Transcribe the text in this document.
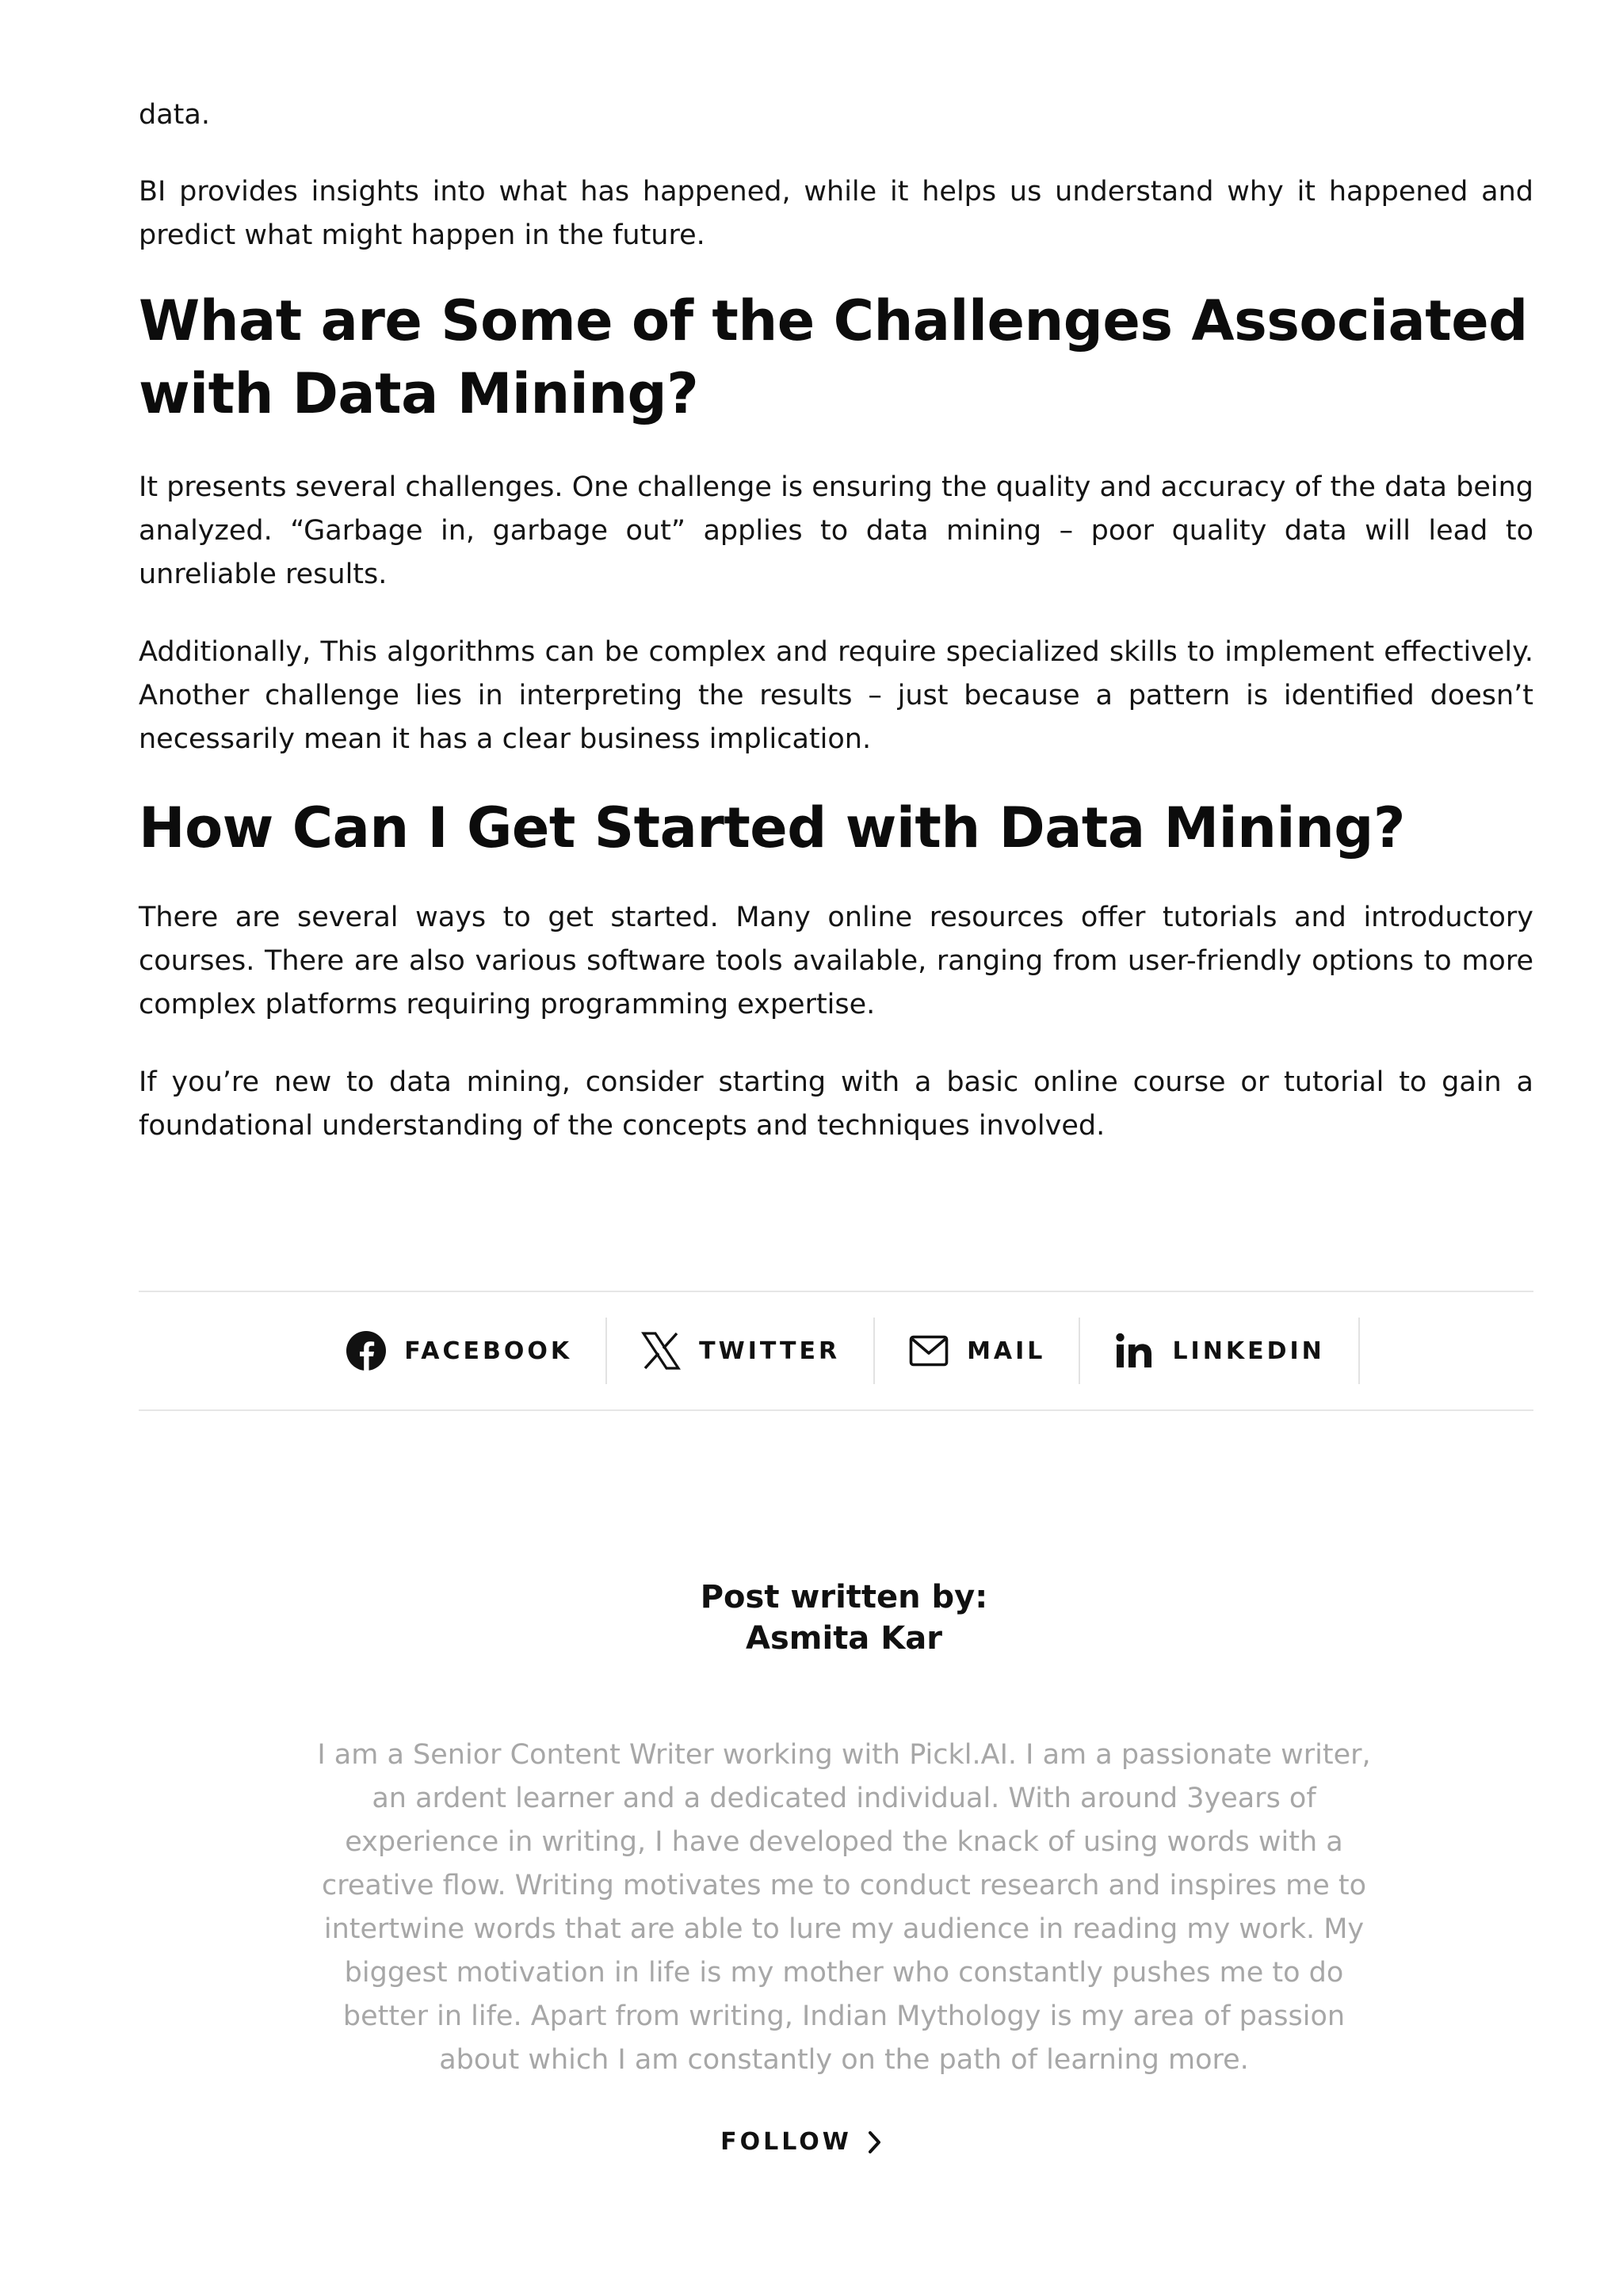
data.

BI provides insights into what has happened, while it helps us understand why it happened and predict what might happen in the future.

What are Some of the Challenges Associated with Data Mining?

It presents several challenges. One challenge is ensuring the quality and accuracy of the data being analyzed. “Garbage in, garbage out” applies to data mining – poor quality data will lead to unreliable results.

Additionally, This algorithms can be complex and require specialized skills to implement effectively. Another challenge lies in interpreting the results – just because a pattern is identified doesn’t necessarily mean it has a clear business implication.

How Can I Get Started with Data Mining?

There are several ways to get started. Many online resources offer tutorials and introductory courses. There are also various software tools available, ranging from user-friendly options to more complex platforms requiring programming expertise.

If you’re new to data mining, consider starting with a basic online course or tutorial to gain a foundational understanding of the concepts and techniques involved.

FACEBOOK	TWITTER	MAIL	LINKEDIN

Post written by:

Asmita Kar

I am a Senior Content Writer working with Pickl.AI. I am a passionate writer, an ardent learner and a dedicated individual. With around 3years of experience in writing, I have developed the knack of using words with a creative flow. Writing motivates me to conduct research and inspires me to intertwine words that are able to lure my audience in reading my work. My biggest motivation in life is my mother who constantly pushes me to do better in life. Apart from writing, Indian Mythology is my area of passion about which I am constantly on the path of learning more.

FOLLOW
